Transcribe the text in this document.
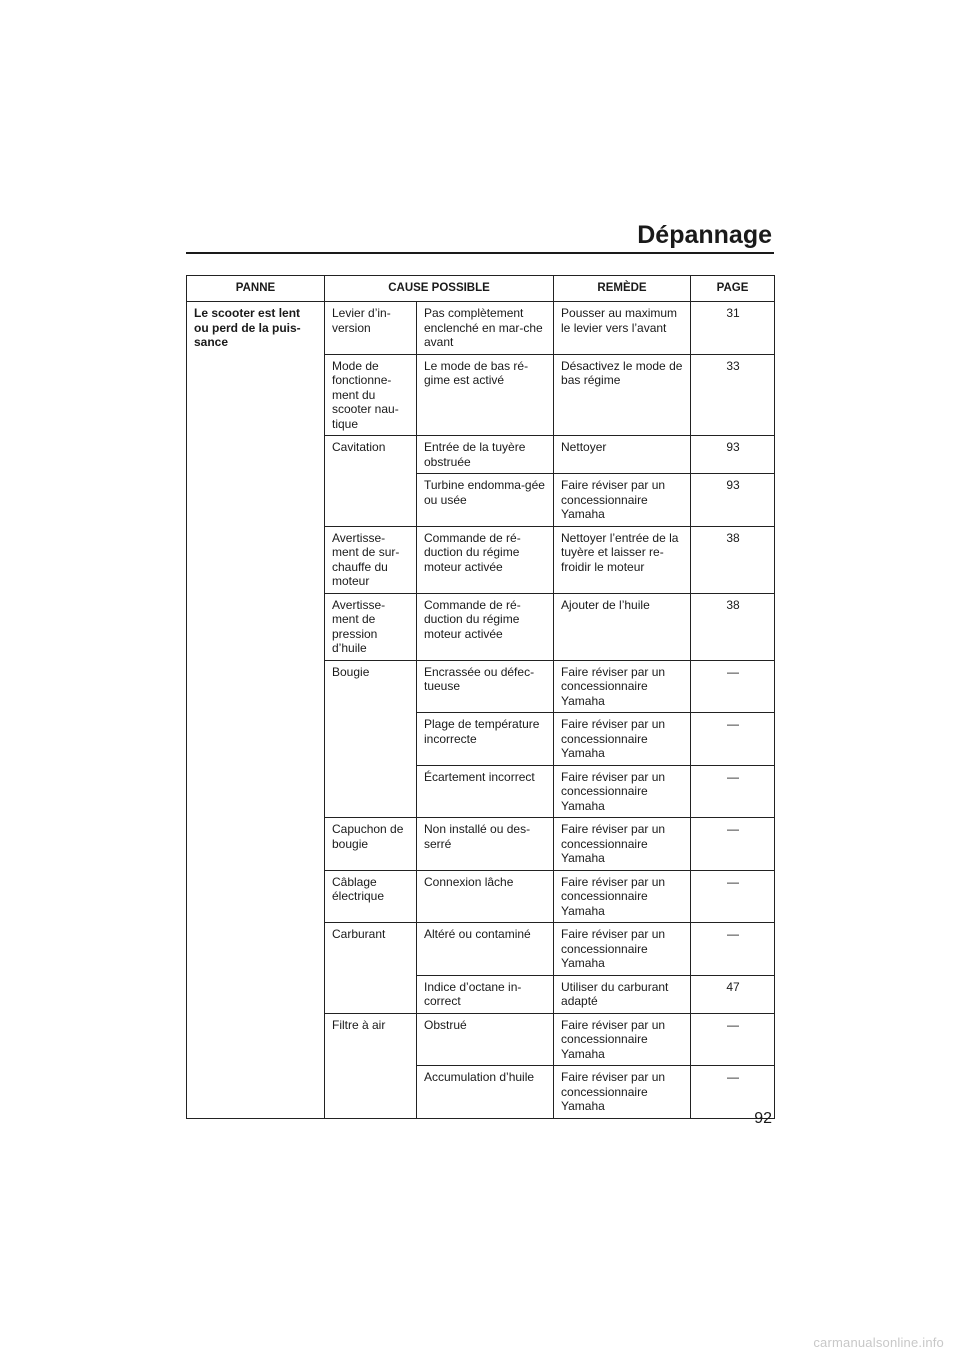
Dépannage
PANNE	CAUSE POSSIBLE		REMÈDE	PAGE
Le scooter est lent ou perd de la puis-sance	Levier d’in-version	Pas complètement enclenché en mar-che avant	Pousser au maximum le levier vers l’avant	31
	Mode de fonctionne-ment du scooter nau-tique	Le mode de bas ré-gime est activé	Désactivez le mode de bas régime	33
	Cavitation	Entrée de la tuyère obstruée	Nettoyer	93
		Turbine endomma-gée ou usée	Faire réviser par un concessionnaire Yamaha	93
	Avertisse-ment de sur-chauffe du moteur	Commande de ré-duction du régime moteur activée	Nettoyer l’entrée de la tuyère et laisser re-froidir le moteur	38
	Avertisse-ment de pression d’huile	Commande de ré-duction du régime moteur activée	Ajouter de l’huile	38
	Bougie	Encrassée ou défec-tueuse	Faire réviser par un concessionnaire Yamaha	—
		Plage de température incorrecte	Faire réviser par un concessionnaire Yamaha	—
		Écartement incorrect	Faire réviser par un concessionnaire Yamaha	—
	Capuchon de bougie	Non installé ou des-serré	Faire réviser par un concessionnaire Yamaha	—
	Câblage électrique	Connexion lâche	Faire réviser par un concessionnaire Yamaha	—
	Carburant	Altéré ou contaminé	Faire réviser par un concessionnaire Yamaha	—
		Indice d’octane in-correct	Utiliser du carburant adapté	47
	Filtre à air	Obstrué	Faire réviser par un concessionnaire Yamaha	—
		Accumulation d’huile	Faire réviser par un concessionnaire Yamaha	—
92
carmanualsonline.info
